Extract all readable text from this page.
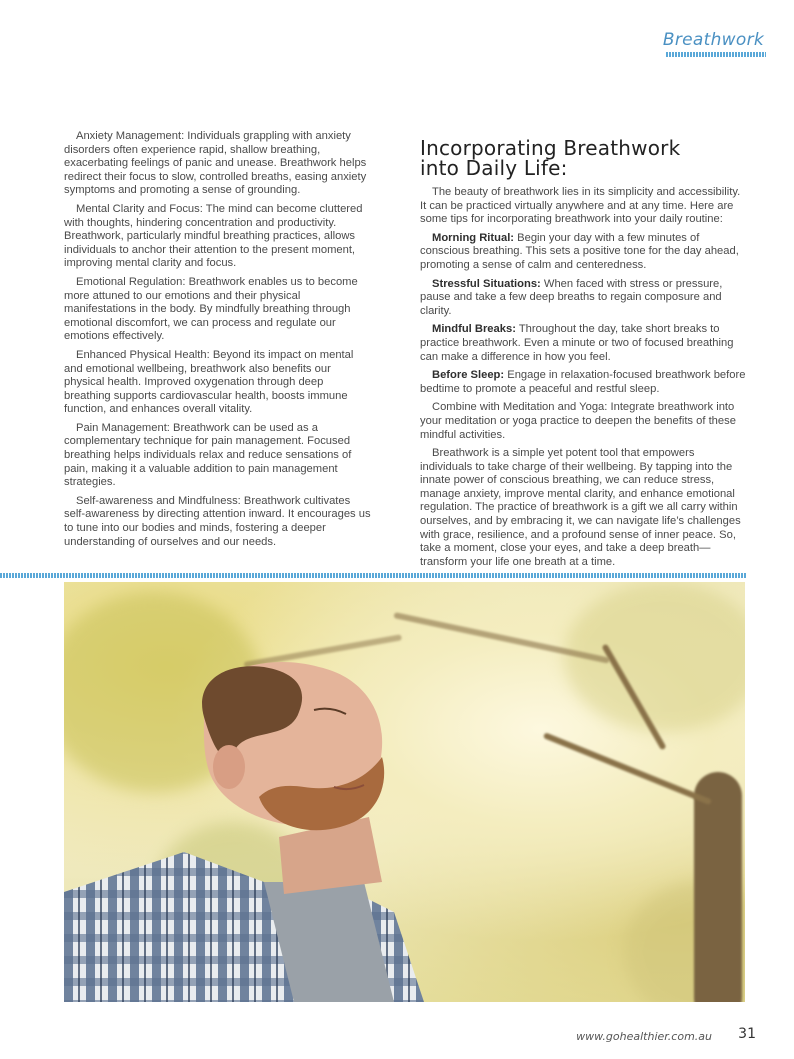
Breathwork

Anxiety Management: Individuals grappling with anxiety disorders often experience rapid, shallow breathing, exacerbating feelings of panic and unease. Breathwork helps redirect their focus to slow, controlled breaths, easing anxiety symptoms and promoting a sense of grounding.

Mental Clarity and Focus: The mind can become cluttered with thoughts, hindering concentration and productivity. Breathwork, particularly mindful breathing practices, allows individuals to anchor their attention to the present moment, improving mental clarity and focus.

Emotional Regulation: Breathwork enables us to become more attuned to our emotions and their physical manifestations in the body. By mindfully breathing through emotional discomfort, we can process and regulate our emotions effectively.

Enhanced Physical Health: Beyond its impact on mental and emotional wellbeing, breathwork also benefits our physical health. Improved oxygenation through deep breathing supports cardiovascular health, boosts immune function, and enhances overall vitality.

Pain Management: Breathwork can be used as a complementary technique for pain management. Focused breathing helps individuals relax and reduce sensations of pain, making it a valuable addition to pain management strategies.

Self-awareness and Mindfulness: Breathwork cultivates self-awareness by directing attention inward. It encourages us to tune into our bodies and minds, fostering a deeper understanding of ourselves and our needs.

Incorporating Breathwork
into Daily Life:

The beauty of breathwork lies in its simplicity and accessibility. It can be practiced virtually anywhere and at any time. Here are some tips for incorporating breathwork into your daily routine:

Morning Ritual: Begin your day with a few minutes of conscious breathing. This sets a positive tone for the day ahead, promoting a sense of calm and centeredness.

Stressful Situations: When faced with stress or pressure, pause and take a few deep breaths to regain composure and clarity.

Mindful Breaks: Throughout the day, take short breaks to practice breathwork. Even a minute or two of focused breathing can make a difference in how you feel.

Before Sleep: Engage in relaxation-focused breathwork before bedtime to promote a peaceful and restful sleep.

Combine with Meditation and Yoga: Integrate breathwork into your meditation or yoga practice to deepen the benefits of these mindful activities.

Breathwork is a simple yet potent tool that empowers individuals to take charge of their wellbeing. By tapping into the innate power of conscious breathing, we can reduce stress, manage anxiety, improve mental clarity, and enhance emotional regulation. The practice of breathwork is a gift we all carry within ourselves, and by embracing it, we can navigate life’s challenges with grace, resilience, and a profound sense of inner peace. So, take a moment, close your eyes, and take a deep breath—transform your life one breath at a time.

www.gohealthier.com.au 31
